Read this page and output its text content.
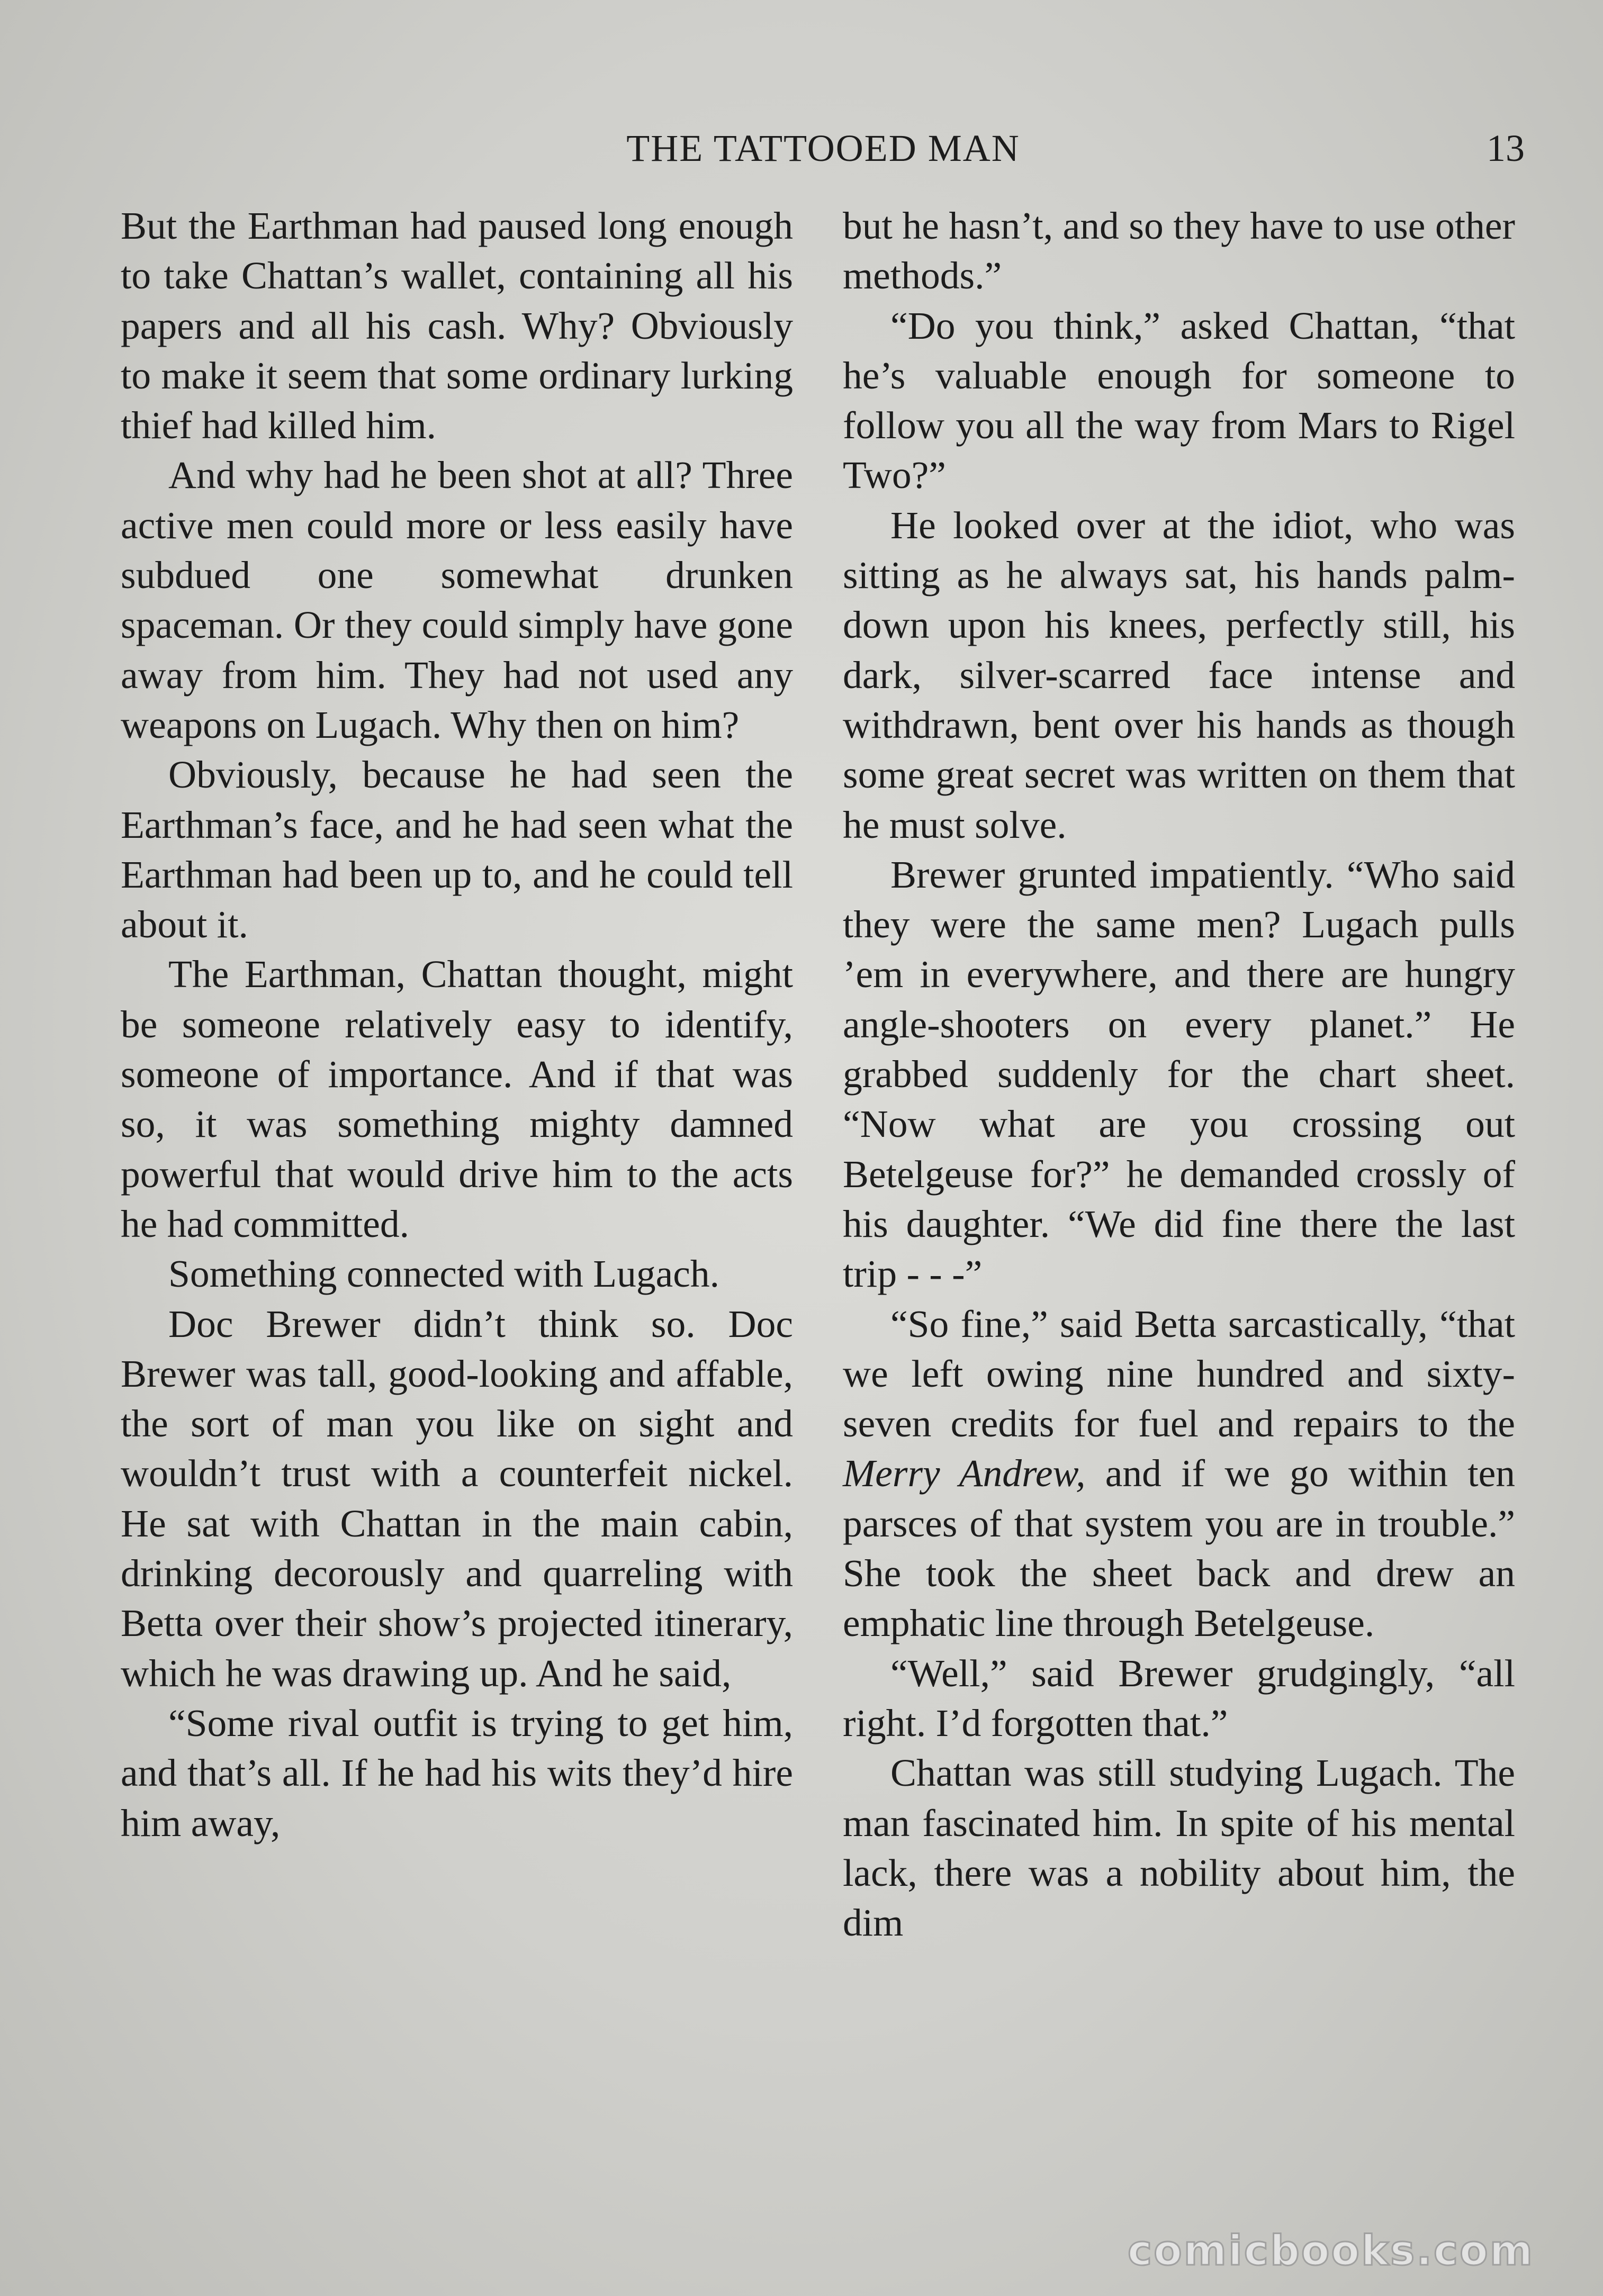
THE TATTOOED MAN	13

But the Earthman had paused long enough to take Chattan’s wallet, containing all his papers and all his cash. Why? Obviously to make it seem that some ordinary lurking thief had killed him.

And why had he been shot at all? Three active men could more or less easily have subdued one somewhat drunken spaceman. Or they could simply have gone away from him. They had not used any weapons on Lugach. Why then on him?

Obviously, because he had seen the Earthman’s face, and he had seen what the Earthman had been up to, and he could tell about it.

The Earthman, Chattan thought, might be someone relatively easy to identify, someone of importance. And if that was so, it was something mighty damned powerful that would drive him to the acts he had committed.

Something connected with Lugach.

Doc Brewer didn’t think so. Doc Brewer was tall, good-looking and affable, the sort of man you like on sight and wouldn’t trust with a counterfeit nickel. He sat with Chattan in the main cabin, drinking decorously and quarreling with Betta over their show’s projected itinerary, which he was drawing up. And he said,

“Some rival outfit is trying to get him, and that’s all. If he had his wits they’d hire him away,

but he hasn’t, and so they have to use other methods.”

“Do you think,” asked Chattan, “that he’s valuable enough for someone to follow you all the way from Mars to Rigel Two?”

He looked over at the idiot, who was sitting as he always sat, his hands palm-down upon his knees, perfectly still, his dark, silver-scarred face intense and withdrawn, bent over his hands as though some great secret was written on them that he must solve.

Brewer grunted impatiently. “Who said they were the same men? Lugach pulls ’em in everywhere, and there are hungry angle-shooters on every planet.” He grabbed suddenly for the chart sheet. “Now what are you crossing out Betelgeuse for?” he demanded crossly of his daughter. “We did fine there the last trip - - -”

“So fine,” said Betta sarcastically, “that we left owing nine hundred and sixty-seven credits for fuel and repairs to the Merry Andrew, and if we go within ten parsces of that system you are in trouble.” She took the sheet back and drew an emphatic line through Betelgeuse.

“Well,” said Brewer grudgingly, “all right. I’d forgotten that.”

Chattan was still studying Lugach. The man fascinated him. In spite of his mental lack, there was a nobility about him, the dim

comicbooks.com
